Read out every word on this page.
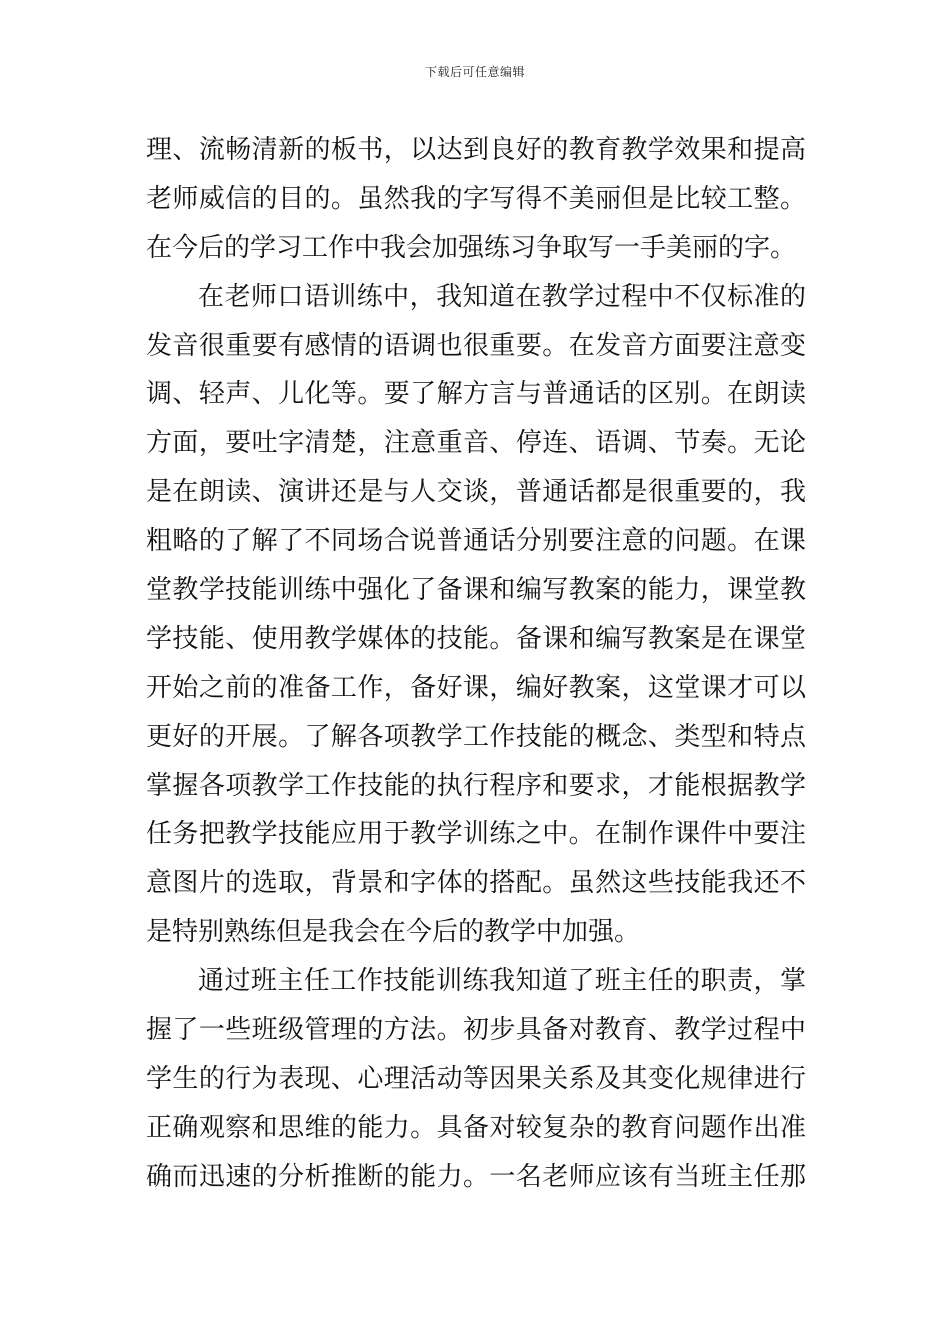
下载后可任意编辑
理、流畅清新的板书，以达到良好的教育教学效果和提高
老师威信的目的。虽然我的字写得不美丽但是比较工整。
在今后的学习工作中我会加强练习争取写一手美丽的字。
在老师口语训练中，我知道在教学过程中不仅标准的
发音很重要有感情的语调也很重要。在发音方面要注意变
调、轻声、儿化等。要了解方言与普通话的区别。在朗读
方面，要吐字清楚，注意重音、停连、语调、节奏。无论
是在朗读、演讲还是与人交谈，普通话都是很重要的，我
粗略的了解了不同场合说普通话分别要注意的问题。在课
堂教学技能训练中强化了备课和编写教案的能力，课堂教
学技能、使用教学媒体的技能。备课和编写教案是在课堂
开始之前的准备工作，备好课，编好教案，这堂课才可以
更好的开展。了解各项教学工作技能的概念、类型和特点
掌握各项教学工作技能的执行程序和要求，才能根据教学
任务把教学技能应用于教学训练之中。在制作课件中要注
意图片的选取，背景和字体的搭配。虽然这些技能我还不
是特别熟练但是我会在今后的教学中加强。
通过班主任工作技能训练我知道了班主任的职责，掌
握了一些班级管理的方法。初步具备对教育、教学过程中
学生的行为表现、心理活动等因果关系及其变化规律进行
正确观察和思维的能力。具备对较复杂的教育问题作出准
确而迅速的分析推断的能力。一名老师应该有当班主任那
